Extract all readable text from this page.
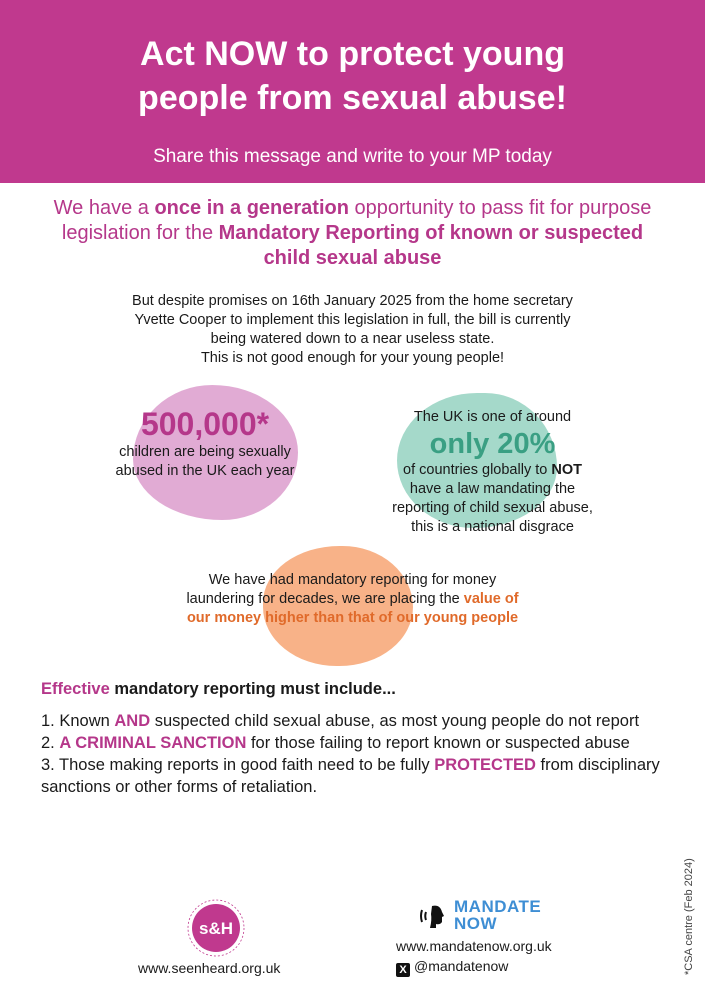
Act NOW to protect young
people from sexual abuse!
Share this message and write to your MP today
We have a once in a generation opportunity to pass fit for purpose legislation for the Mandatory Reporting of known or suspected child sexual abuse
But despite promises on 16th January 2025 from the home secretary
Yvette Cooper to implement this legislation in full, the bill is currently
being watered down to a near useless state.
This is not good enough for your young people!
500,000*
children are being sexually
abused in the UK each year
The UK is one of around
only 20%
of countries globally to NOT
have a law mandating the
reporting of child sexual abuse,
this is a national disgrace
We have had mandatory reporting for money
laundering for decades, we are placing the value of
our money higher than that of our young people
Effective mandatory reporting must include...

1. Known AND suspected child sexual abuse, as most young people do not report

2. A CRIMINAL SANCTION for those failing to report known or suspected abuse

3. Those making reports in good faith need to be fully PROTECTED from disciplinary sanctions or other forms of retaliation.

s&H
www.seenheard.org.uk
MANDATE
NOW
www.mandatenow.org.uk
X @mandatenow	*CSA centre (Feb 2024)
